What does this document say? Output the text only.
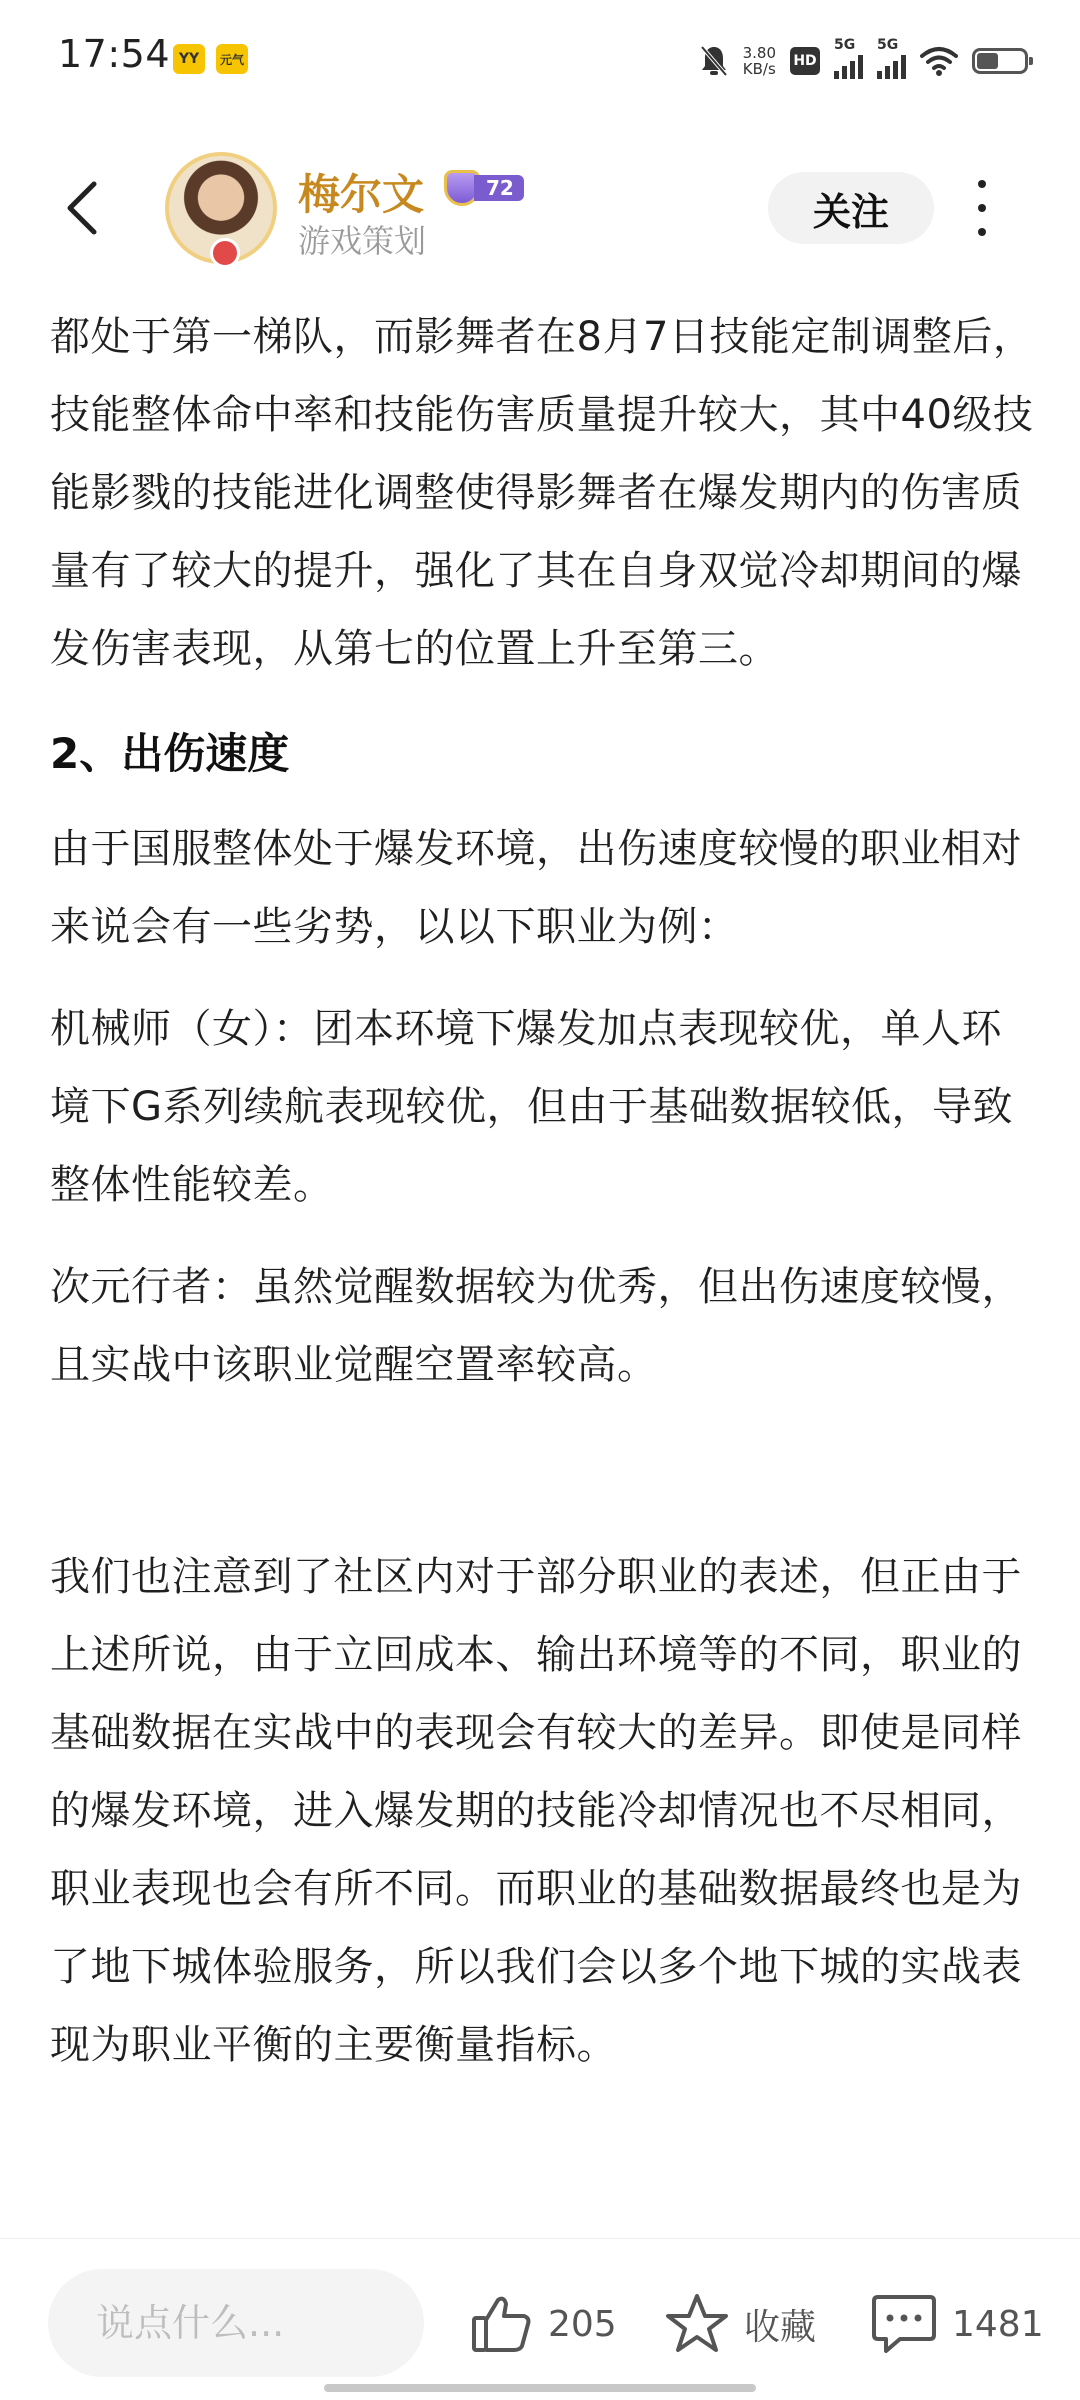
17:54 YY	元气	3.80
KB/s HD
5G 5G
梅尔文	72
游戏策划
关注

都处于第一梯队，而影舞者在8月7日技能定制调整后，技能整体命中率和技能伤害质量提升较大，其中40级技能影戮的技能进化调整使得影舞者在爆发期内的伤害质量有了较大的提升，强化了其在自身双觉冷却期间的爆发伤害表现，从第七的位置上升至第三。

2、出伤速度

由于国服整体处于爆发环境，出伤速度较慢的职业相对来说会有一些劣势，以以下职业为例：

机械师（女）：团本环境下爆发加点表现较优，单人环境下G系列续航表现较优，但由于基础数据较低，导致整体性能较差。

次元行者：虽然觉醒数据较为优秀，但出伤速度较慢，且实战中该职业觉醒空置率较高。

我们也注意到了社区内对于部分职业的表述，但正由于上述所说，由于立回成本、输出环境等的不同，职业的基础数据在实战中的表现会有较大的差异。即使是同样的爆发环境，进入爆发期的技能冷却情况也不尽相同，职业表现也会有所不同。而职业的基础数据最终也是为了地下城体验服务，所以我们会以多个地下城的实战表现为职业平衡的主要衡量指标。

说点什么...
205	收藏	1481
